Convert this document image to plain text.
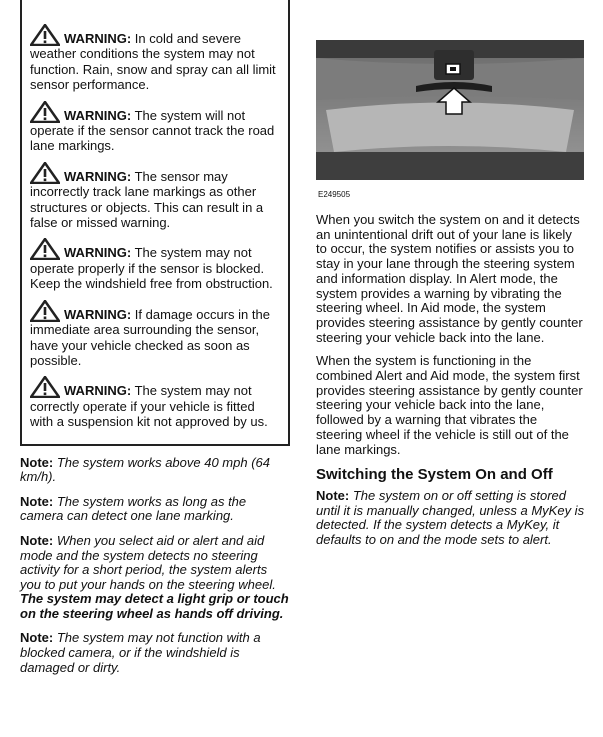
WARNING: In cold and severe weather conditions the system may not function. Rain, snow and spray can all limit sensor performance.

WARNING: The system will not operate if the sensor cannot track the road lane markings.

WARNING: The sensor may incorrectly track lane markings as other structures or objects. This can result in a false or missed warning.

WARNING: The system may not operate properly if the sensor is blocked. Keep the windshield free from obstruction.

WARNING: If damage occurs in the immediate area surrounding the sensor, have your vehicle checked as soon as possible.

WARNING: The system may not correctly operate if your vehicle is fitted with a suspension kit not approved by us.

Note: The system works above 40 mph (64 km/h).

Note: The system works as long as the camera can detect one lane marking.

Note: When you select aid or alert and aid mode and the system detects no steering activity for a short period, the system alerts you to put your hands on the steering wheel. The system may detect a light grip or touch on the steering wheel as hands off driving.

Note: The system may not function with a blocked camera, or if the windshield is damaged or dirty.

E249505

When you switch the system on and it detects an unintentional drift out of your lane is likely to occur, the system notifies or assists you to stay in your lane through the steering system and information display. In Alert mode, the system provides a warning by vibrating the steering wheel. In Aid mode, the system provides steering assistance by gently counter steering your vehicle back into the lane.

When the system is functioning in the combined Alert and Aid mode, the system first provides steering assistance by gently counter steering your vehicle back into the lane, followed by a warning that vibrates the steering wheel if the vehicle is still out of the lane markings.

Switching the System On and Off

Note: The system on or off setting is stored until it is manually changed, unless a MyKey is detected. If the system detects a MyKey, it defaults to on and the mode sets to alert.
